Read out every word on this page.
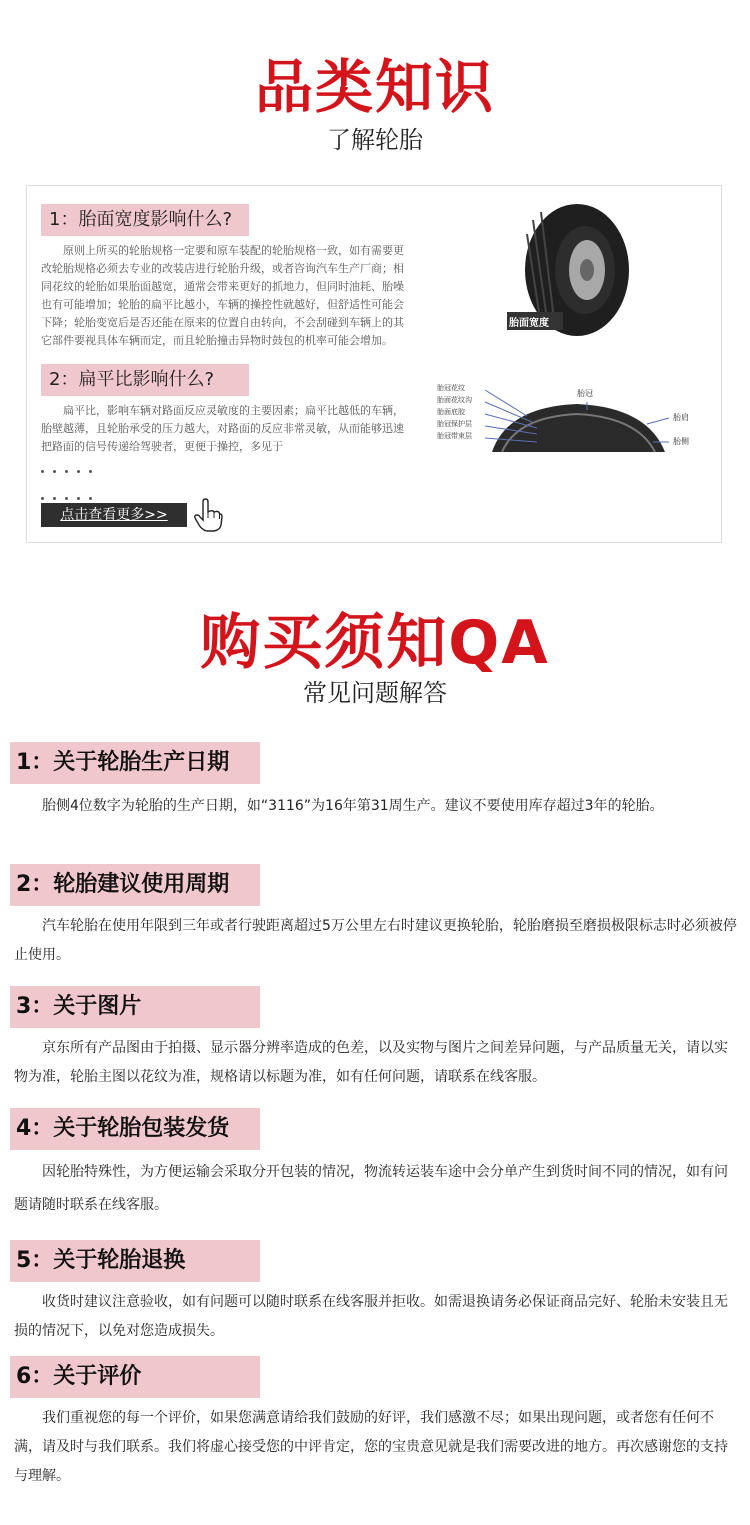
品类知识
了解轮胎
1：胎面宽度影响什么?
原则上所买的轮胎规格一定要和原车装配的轮胎规格一致，如有需要更改轮胎规格必须去专业的改装店进行轮胎升级，或者咨询汽车生产厂商；相同花纹的轮胎如果胎面越宽，通常会带来更好的抓地力，但同时油耗、胎噪也有可能增加；轮胎的扁平比越小，车辆的操控性就越好，但舒适性可能会下降；轮胎变宽后是否还能在原来的位置自由转向，不会刮碰到车辆上的其它部件要视具体车辆而定，而且轮胎撞击异物时鼓包的机率可能会增加。
2：扁平比影响什么?
扁平比，影响车辆对路面反应灵敏度的主要因素；扁平比越低的车辆，胎壁越薄，且轮胎承受的压力越大，对路面的反应非常灵敏，从而能够迅速把路面的信号传递给驾驶者，更便于操控，多见于
胎面宽度
胎冠花纹
胎面花纹沟
胎面底胶
胎冠保护层
胎冠带束层
胎冠
胎肩
胎侧
点击查看更多>>
购买须知QA
常见问题解答
1：关于轮胎生产日期
胎侧4位数字为轮胎的生产日期，如“3116”为16年第31周生产。建议不要使用库存超过3年的轮胎。
2：轮胎建议使用周期
汽车轮胎在使用年限到三年或者行驶距离超过5万公里左右时建议更换轮胎，轮胎磨损至磨损极限标志时必须被停止使用。
3：关于图片
京东所有产品图由于拍摄、显示器分辨率造成的色差，以及实物与图片之间差异问题，与产品质量无关，请以实物为准，轮胎主图以花纹为准，规格请以标题为准，如有任何问题，请联系在线客服。
4：关于轮胎包装发货
因轮胎特殊性，为方便运输会采取分开包装的情况，物流转运装车途中会分单产生到货时间不同的情况，如有问题请随时联系在线客服。
5：关于轮胎退换
收货时建议注意验收，如有问题可以随时联系在线客服并拒收。如需退换请务必保证商品完好、轮胎未安装且无损的情况下，以免对您造成损失。
6：关于评价
我们重视您的每一个评价，如果您满意请给我们鼓励的好评，我们感激不尽；如果出现问题，或者您有任何不满，请及时与我们联系。我们将虚心接受您的中评肯定，您的宝贵意见就是我们需要改进的地方。再次感谢您的支持与理解。
